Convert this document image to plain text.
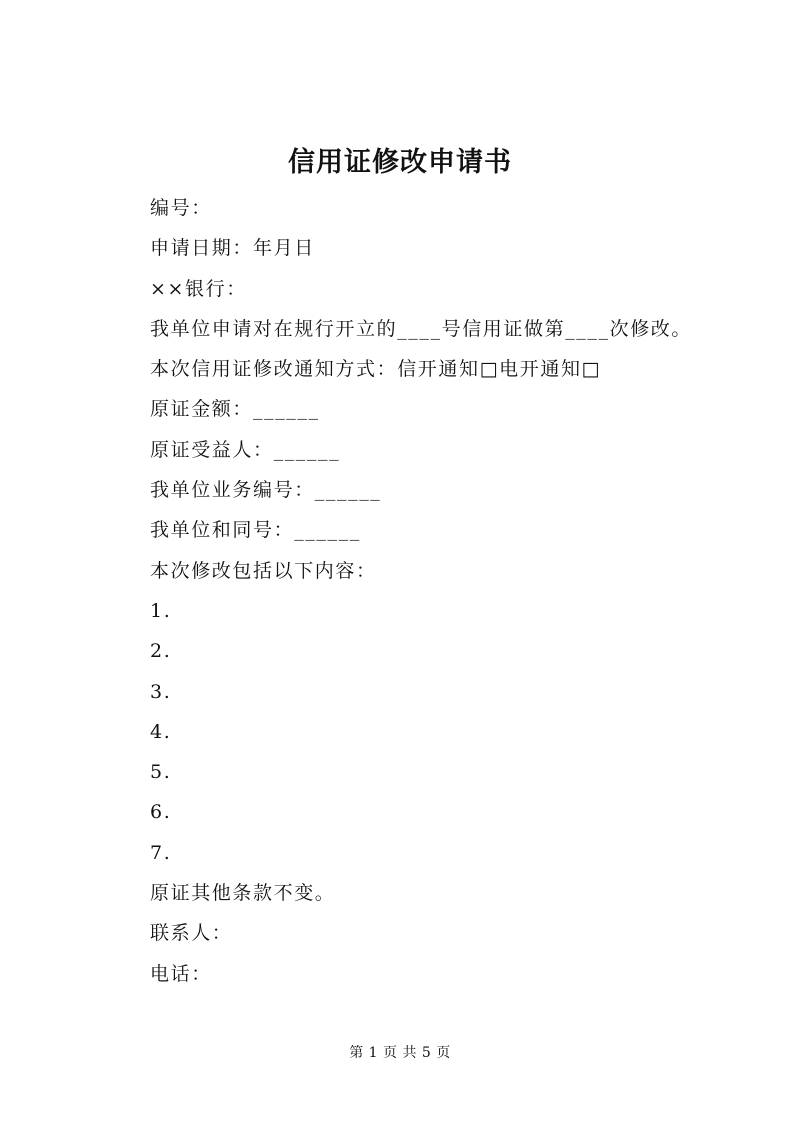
信用证修改申请书
编号：
申请日期：年月日
××银行：
我单位申请对在规行开立的____号信用证做第____次修改。
本次信用证修改通知方式：信开通知□电开通知□
原证金额：______
原证受益人：______
我单位业务编号：______
我单位和同号：______
本次修改包括以下内容：
1.
2.
3.
4.
5.
6.
7.
原证其他条款不变。
联系人：
电话：
第 1 页 共 5 页
